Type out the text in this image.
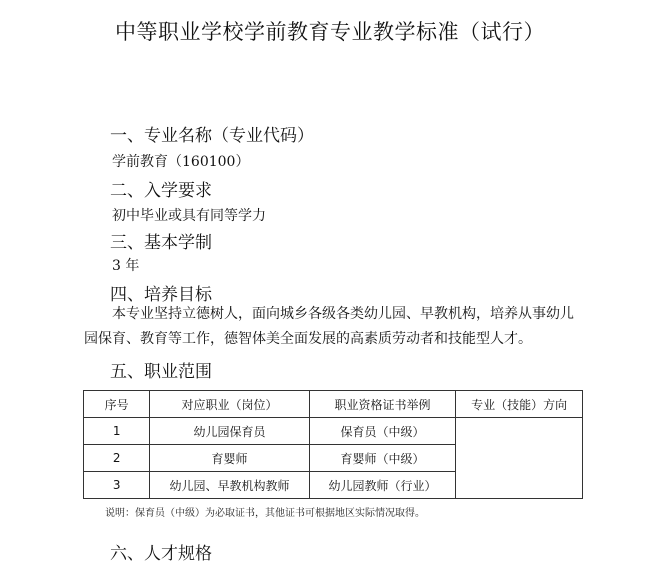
中等职业学校学前教育专业教学标准（试行）
一、专业名称（专业代码）
学前教育（160100）
二、入学要求
初中毕业或具有同等学力
三、基本学制
3 年
四、培养目标
本专业坚持立德树人，面向城乡各级各类幼儿园、早教机构，培养从事幼儿园保育、教育等工作，德智体美全面发展的高素质劳动者和技能型人才。
五、职业范围
序号	对应职业（岗位）	职业资格证书举例	专业（技能）方向
1	幼儿园保育员	保育员（中级）	
2	育婴师	育婴师（中级）	
3	幼儿园、早教机构教师	幼儿园教师（行业）	
说明：保育员（中级）为必取证书，其他证书可根据地区实际情况取得。
六、人才规格
